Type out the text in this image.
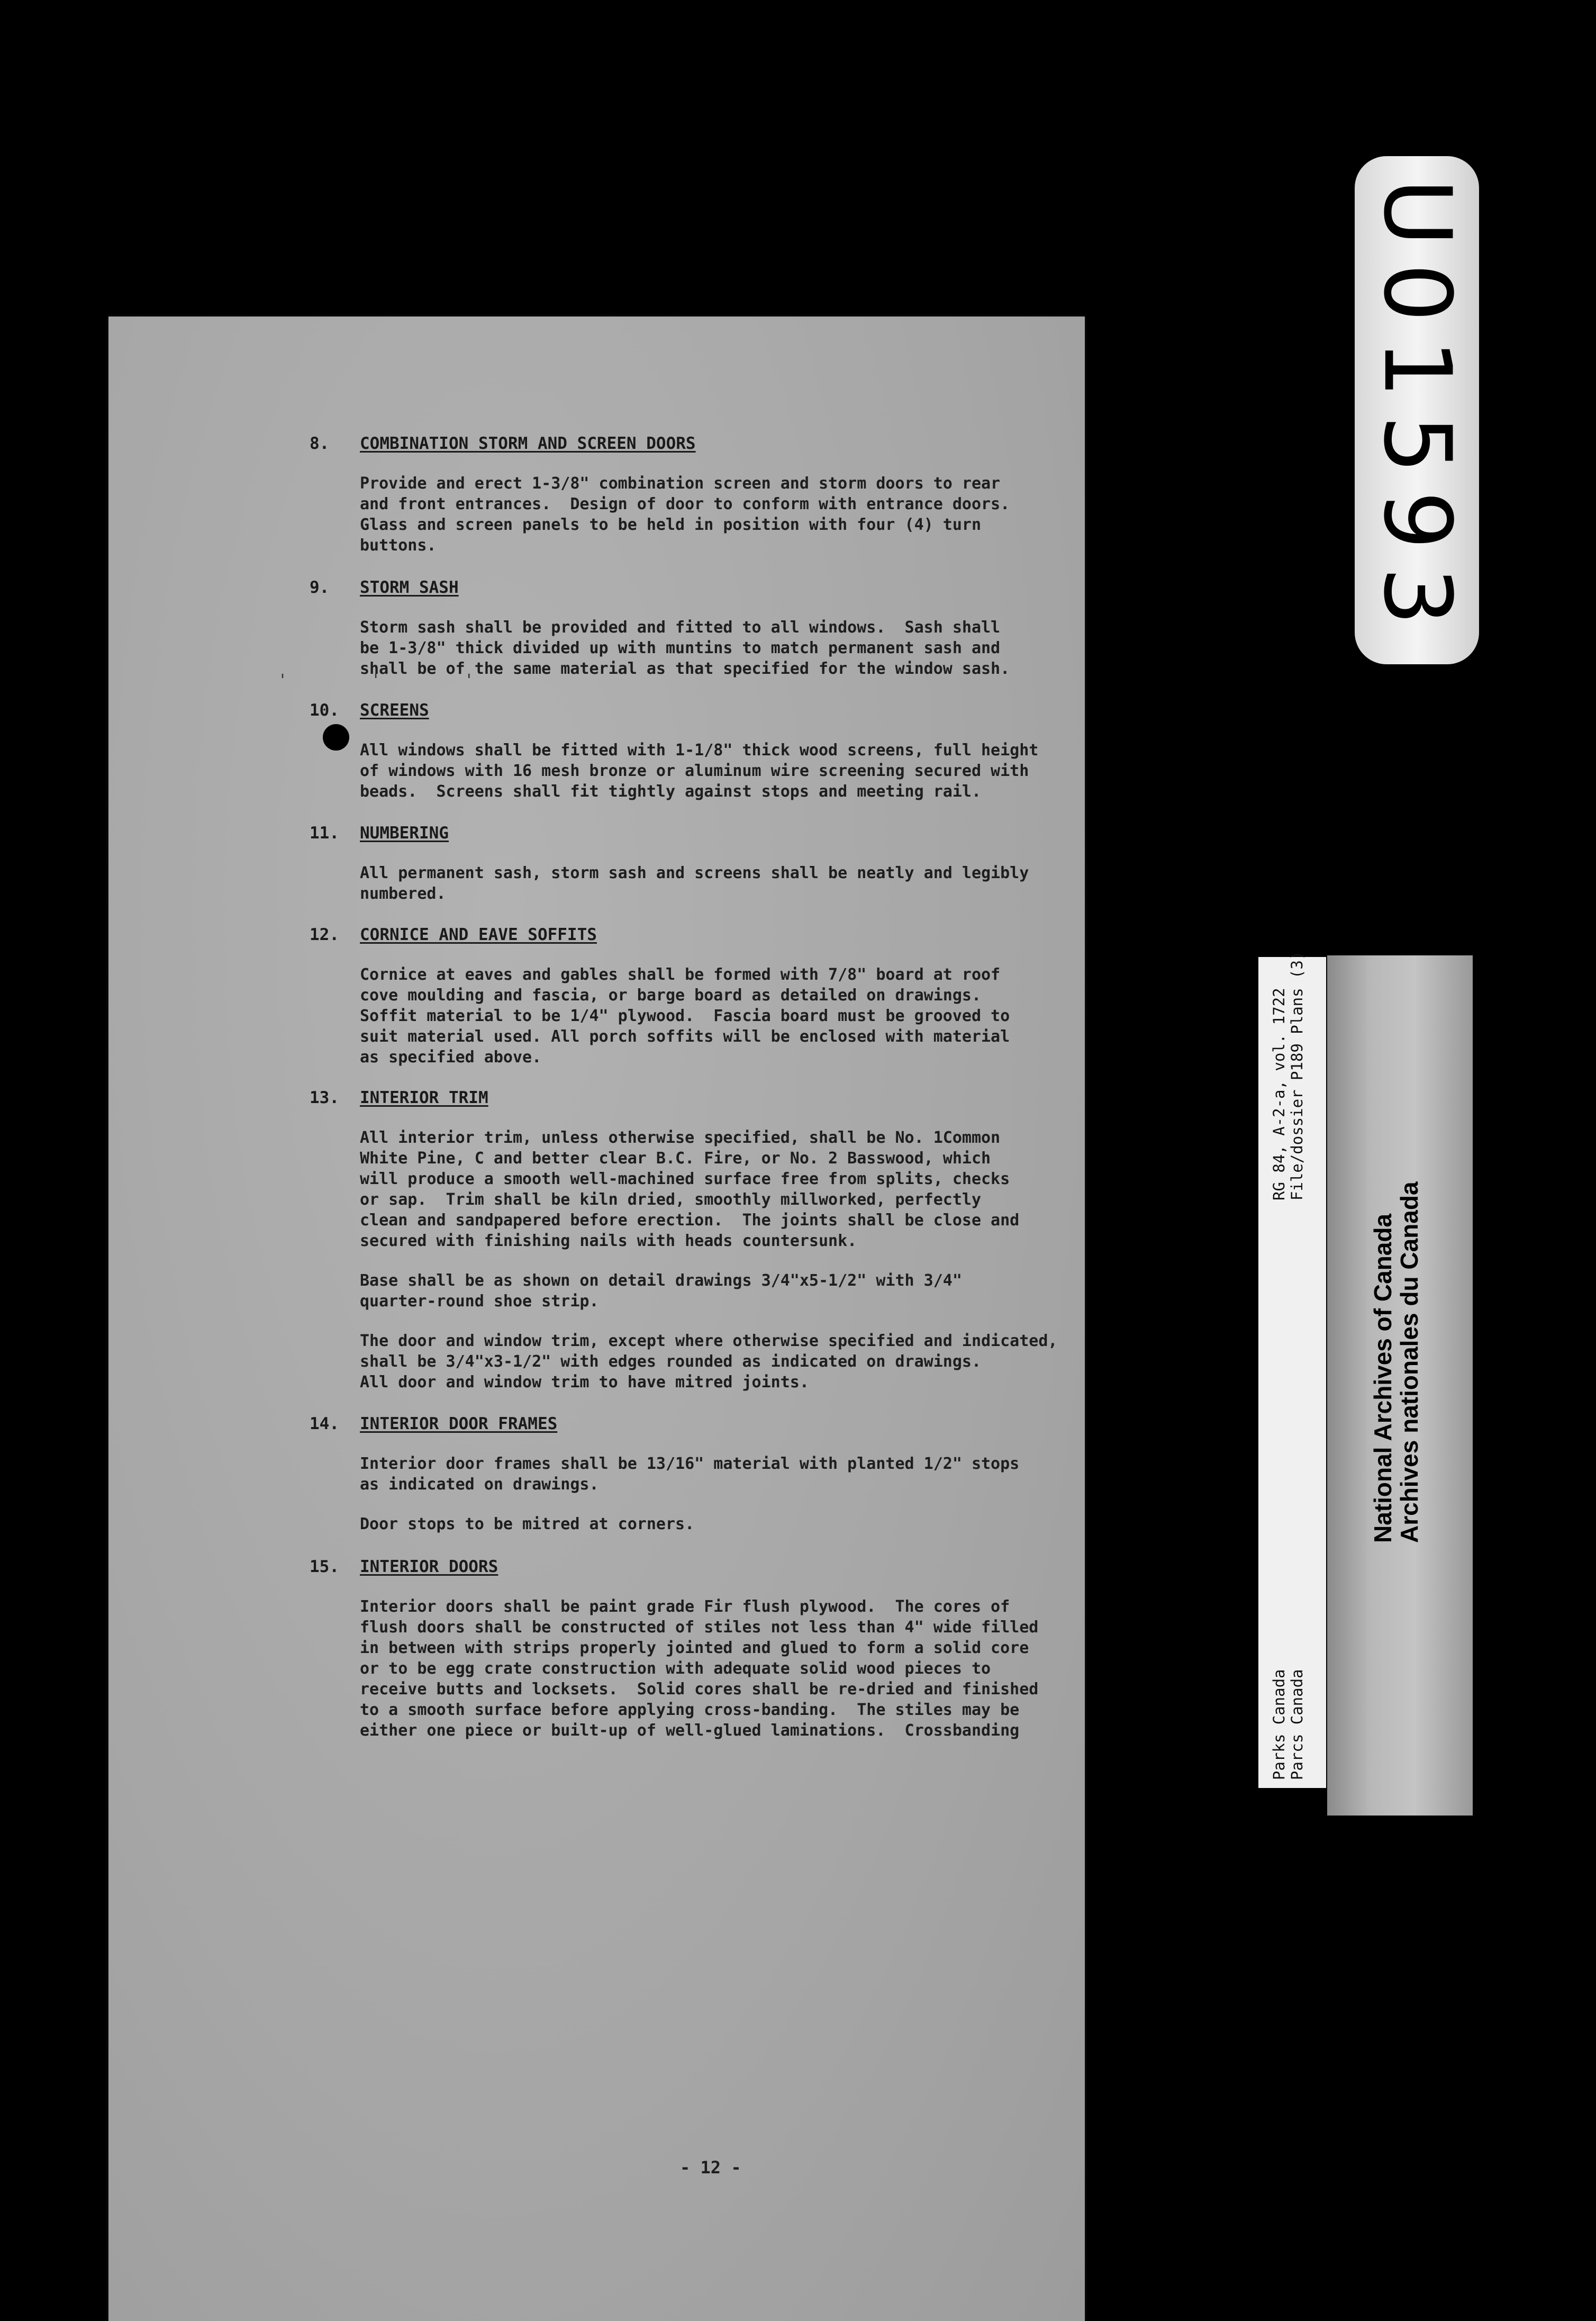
' ' '
8. COMBINATION STORM AND SCREEN DOORS
Provide and erect 1-3/8" combination screen and storm doors to rear
and front entrances.  Design of door to conform with entrance doors.
Glass and screen panels to be held in position with four (4) turn
buttons.
9. STORM SASH
Storm sash shall be provided and fitted to all windows.  Sash shall
be 1-3/8" thick divided up with muntins to match permanent sash and
shall be of the same material as that specified for the window sash.
10. SCREENS
All windows shall be fitted with 1-1/8" thick wood screens, full height
of windows with 16 mesh bronze or aluminum wire screening secured with
beads.  Screens shall fit tightly against stops and meeting rail.
11. NUMBERING
All permanent sash, storm sash and screens shall be neatly and legibly
numbered.
12. CORNICE AND EAVE SOFFITS
Cornice at eaves and gables shall be formed with 7/8" board at roof
cove moulding and fascia, or barge board as detailed on drawings.
Soffit material to be 1/4" plywood.  Fascia board must be grooved to
suit material used. All porch soffits will be enclosed with material
as specified above.
13. INTERIOR TRIM
All interior trim, unless otherwise specified, shall be No. 1Common
White Pine, C and better clear B.C. Fire, or No. 2 Basswood, which
will produce a smooth well-machined surface free from splits, checks
or sap.  Trim shall be kiln dried, smoothly millworked, perfectly
clean and sandpapered before erection.  The joints shall be close and
secured with finishing nails with heads countersunk.
Base shall be as shown on detail drawings 3/4"x5-1/2" with 3/4"
quarter-round shoe strip.
The door and window trim, except where otherwise specified and indicated,
shall be 3/4"x3-1/2" with edges rounded as indicated on drawings.
All door and window trim to have mitred joints.
14. INTERIOR DOOR FRAMES
Interior door frames shall be 13/16" material with planted 1/2" stops
as indicated on drawings.
Door stops to be mitred at corners.
15. INTERIOR DOORS
Interior doors shall be paint grade Fir flush plywood.  The cores of
flush doors shall be constructed of stiles not less than 4" wide filled
in between with strips properly jointed and glued to form a solid core
or to be egg crate construction with adequate solid wood pieces to
receive butts and locksets.  Solid cores shall be re-dried and finished
to a smooth surface before applying cross-banding.  The stiles may be
either one piece or built-up of well-glued laminations.  Crossbanding
- 12 -
U01593
RG 84, A-2-a, vol. 1722
File/dossier P189 Plans (3)
Parks Canada
Parcs Canada
National Archives of Canada
Archives nationales du Canada
